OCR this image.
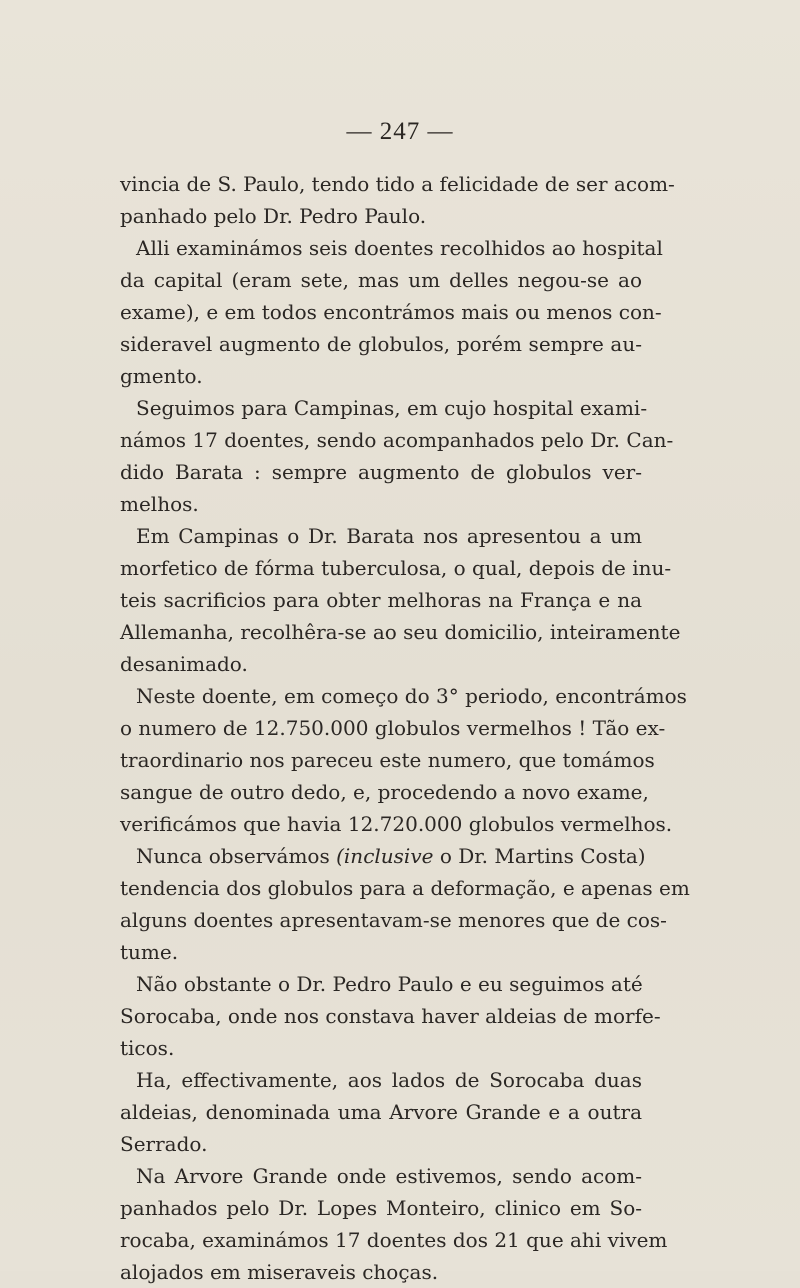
— 247 —
vincia de S. Paulo, tendo tido a felicidade de ser acom-
panhado pelo Dr. Pedro Paulo.
Alli examinámos seis doentes recolhidos ao hospital
da capital (eram sete, mas um delles negou-se ao
exame), e em todos encontrámos mais ou menos con-
sideravel augmento de globulos, porém sempre au-
gmento.
Seguimos para Campinas, em cujo hospital exami-
námos 17 doentes, sendo acompanhados pelo Dr. Can-
dido Barata : sempre augmento de globulos ver-
melhos.
Em Campinas o Dr. Barata nos apresentou a um
morfetico de fórma tuberculosa, o qual, depois de inu-
teis sacrificios para obter melhoras na França e na
Allemanha, recolhêra-se ao seu domicilio, inteiramente
desanimado.
Neste doente, em começo do 3° periodo, encontrámos
o numero de 12.750.000 globulos vermelhos ! Tão ex-
traordinario nos pareceu este numero, que tomámos
sangue de outro dedo, e, procedendo a novo exame,
verificámos que havia 12.720.000 globulos vermelhos.
Nunca observámos (inclusive o Dr. Martins Costa)
tendencia dos globulos para a deformação, e apenas em
alguns doentes apresentavam-se menores que de cos-
tume.
Não obstante o Dr. Pedro Paulo e eu seguimos até
Sorocaba, onde nos constava haver aldeias de morfe-
ticos.
Ha, effectivamente, aos lados de Sorocaba duas
aldeias, denominada uma Arvore Grande e a outra
Serrado.
Na Arvore Grande onde estivemos, sendo acom-
panhados pelo Dr. Lopes Monteiro, clinico em So-
rocaba, examinámos 17 doentes dos 21 que ahi vivem
alojados em miseraveis choças.
